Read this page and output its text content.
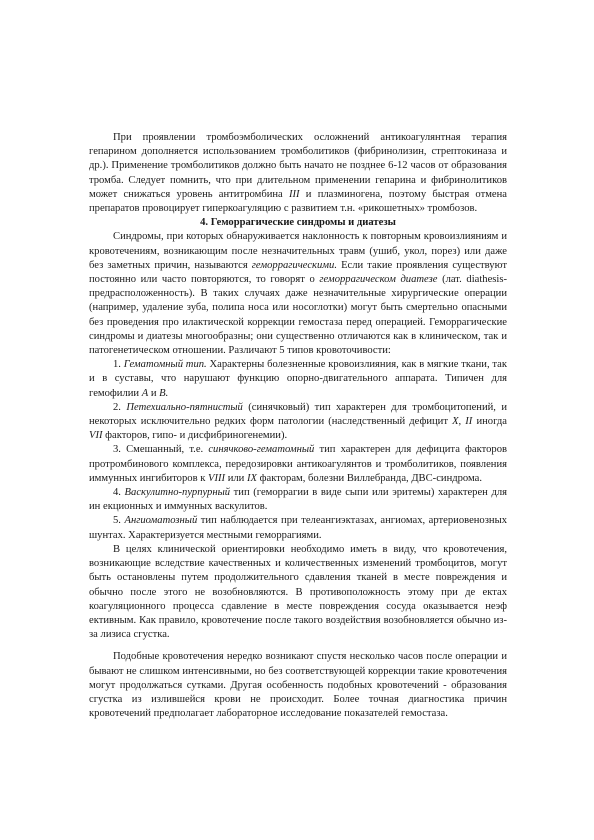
При проявлении тромбоэмболических осложнений антикоагулянтная терапия гепарином дополняется использованием тромболитиков (фибринолизин, стрептокиназа и др.). Применение тромболитиков должно быть начато не позднее 6-12 часов от образования тромба. Следует помнить, что при длительном применении гепарина и фибринолитиков может снижаться уровень антитромбина III и плазминогена, поэтому быстрая отмена препаратов провоцирует гиперкоагуляцию с развитием т.н. «рикошетных» тромбозов.

4. Геморрагические синдромы и диатезы

Синдромы, при которых обнаруживается наклонность к повторным кровоизлияниям и кровотечениям, возникающим после незначительных травм (ушиб, укол, порез) или даже без заметных причин, называются геморрагическими. Если такие проявления существуют постоянно или часто повторяются, то говорят о геморрагическом диатезе (лат. diathesis-предрасположенность). В таких случаях даже незначительные хирургические операции (например, удаление зуба, полипа носа или носоглотки) могут быть смертельно опасными без проведения про илактической коррекции гемостаза перед операцией. Геморрагические синдромы и диатезы многообразны; они существенно отличаются как в клиническом, так и патогенетическом отношении. Различают 5 типов кровоточивости:

1. Гематомный тип. Характерны болезненные кровоизлияния, как в мягкие ткани, так и в суставы, что нарушают функцию опорно-двигательного аппарата. Типичен для гемофилии А и В.

2. Петехиально-пятнистый (синячковый) тип характерен для тромбоцитопений, и некоторых исключительно редких форм патологии (наследственный дефицит X, II иногда VII факторов, гипо- и дисфибриногенемии).

3. Смешанный, т.е. синячково-гематомный тип характерен для дефицита факторов протромбинового комплекса, передозировки антикоагулянтов и тромболитиков, появления иммунных ингибиторов к VIII или IX факторам, болезни Виллебранда, ДВС-синдрома.

4. Васкулитно-пурпурный тип (геморрагии в виде сыпи или эритемы) характерен для ин екционных и иммунных васкулитов.

5. Ангиоматозный тип наблюдается при телеангиэктазах, ангиомах, артериовенозных шунтах. Характеризуется местными геморрагиями.

В целях клинической ориентировки необходимо иметь в виду, что кровотечения, возникающие вследствие качественных и количественных изменений тромбоцитов, могут быть остановлены путем продолжительного сдавления тканей в месте повреждения и обычно после этого не возобновляются. В противоположность этому при де ектах коагуляционного процесса сдавление в месте повреждения сосуда оказывается неэф ективным. Как правило, кровотечение после такого воздействия возобновляется обычно из-за лизиса сгустка.

Подобные кровотечения нередко возникают спустя несколько часов после операции и бывают не слишком интенсивными, но без соответствующей коррекции такие кровотечения могут продолжаться сутками. Другая особенность подобных кровотечений - образования сгустка из излившейся крови не происходит. Более точная диагностика причин кровотечений предполагает лабораторное исследование показателей гемостаза.
